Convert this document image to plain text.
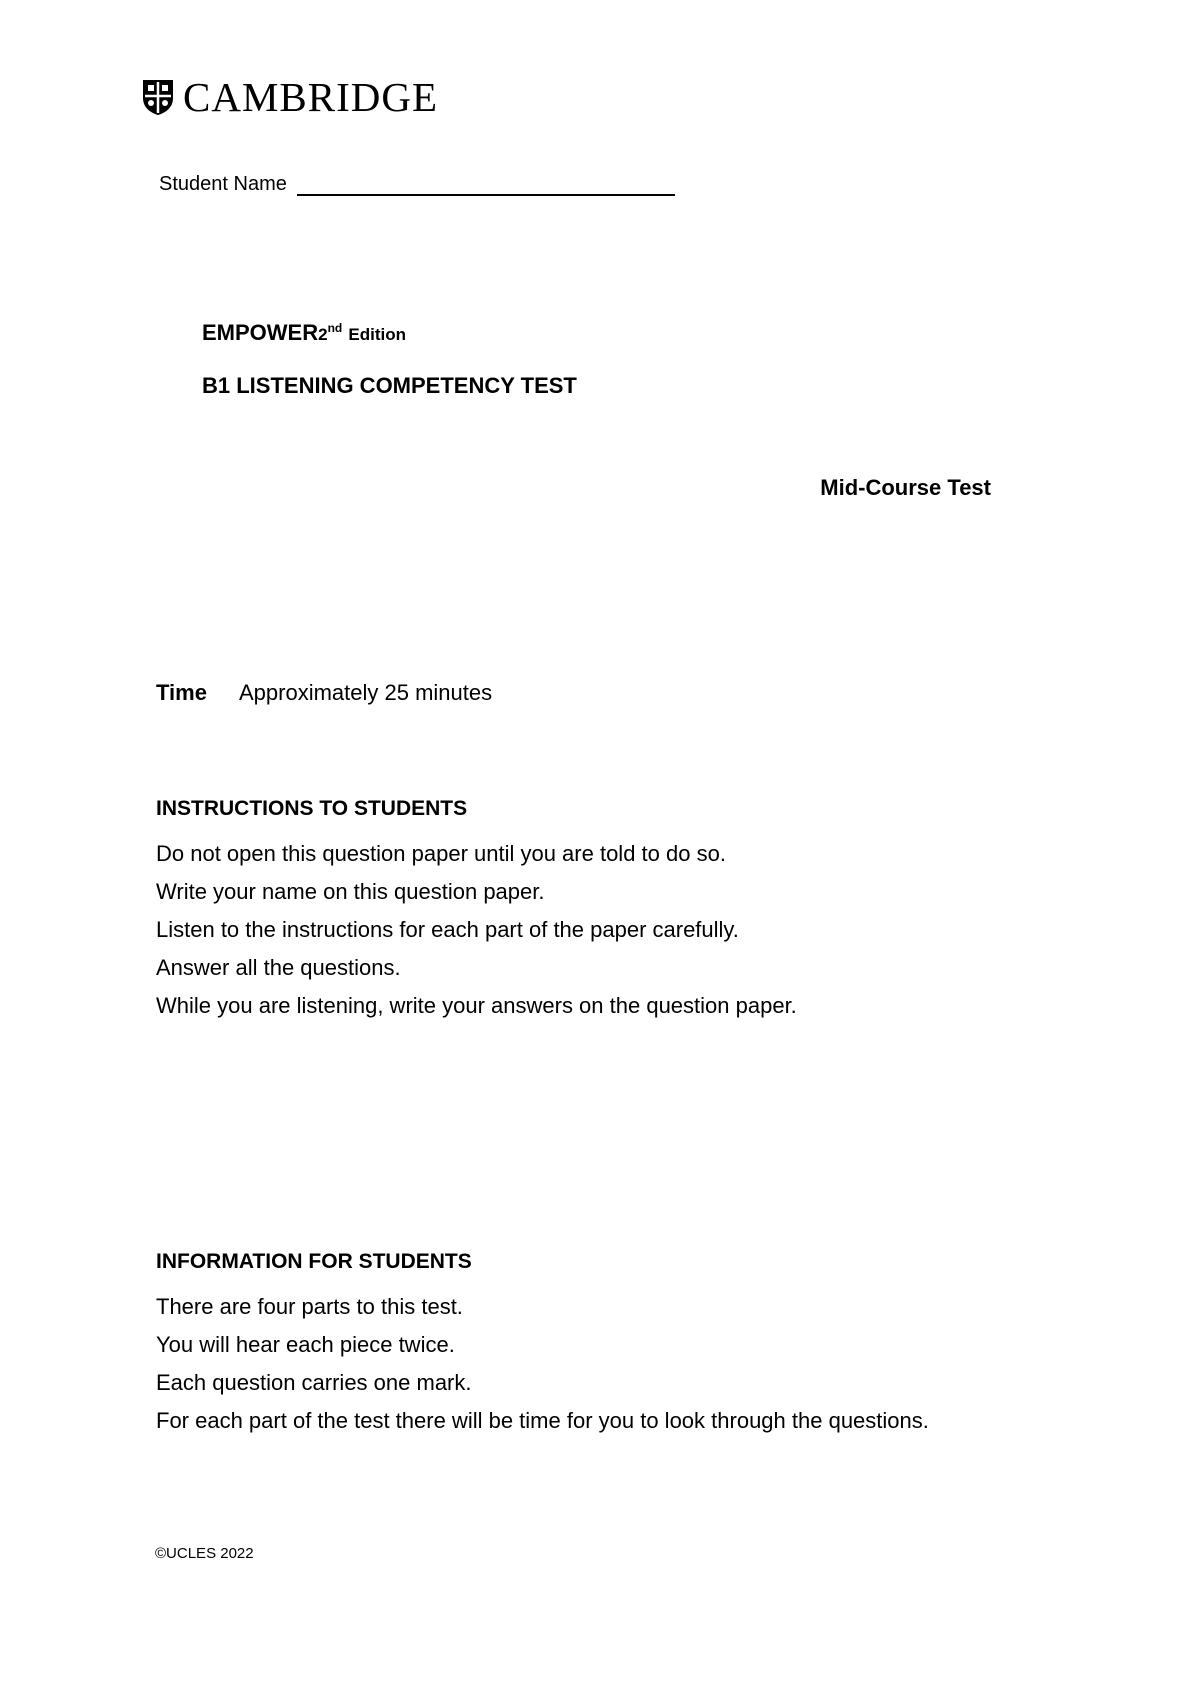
CAMBRIDGE
Student Name
EMPOWER2nd Edition
B1 LISTENING COMPETENCY TEST
Mid-Course Test
Time	Approximately 25 minutes
INSTRUCTIONS TO STUDENTS
Do not open this question paper until you are told to do so.
Write your name on this question paper.
Listen to the instructions for each part of the paper carefully.
Answer all the questions.
While you are listening, write your answers on the question paper.
INFORMATION FOR STUDENTS
There are four parts to this test.
You will hear each piece twice.
Each question carries one mark.
For each part of the test there will be time for you to look through the questions.
©UCLES 2022
